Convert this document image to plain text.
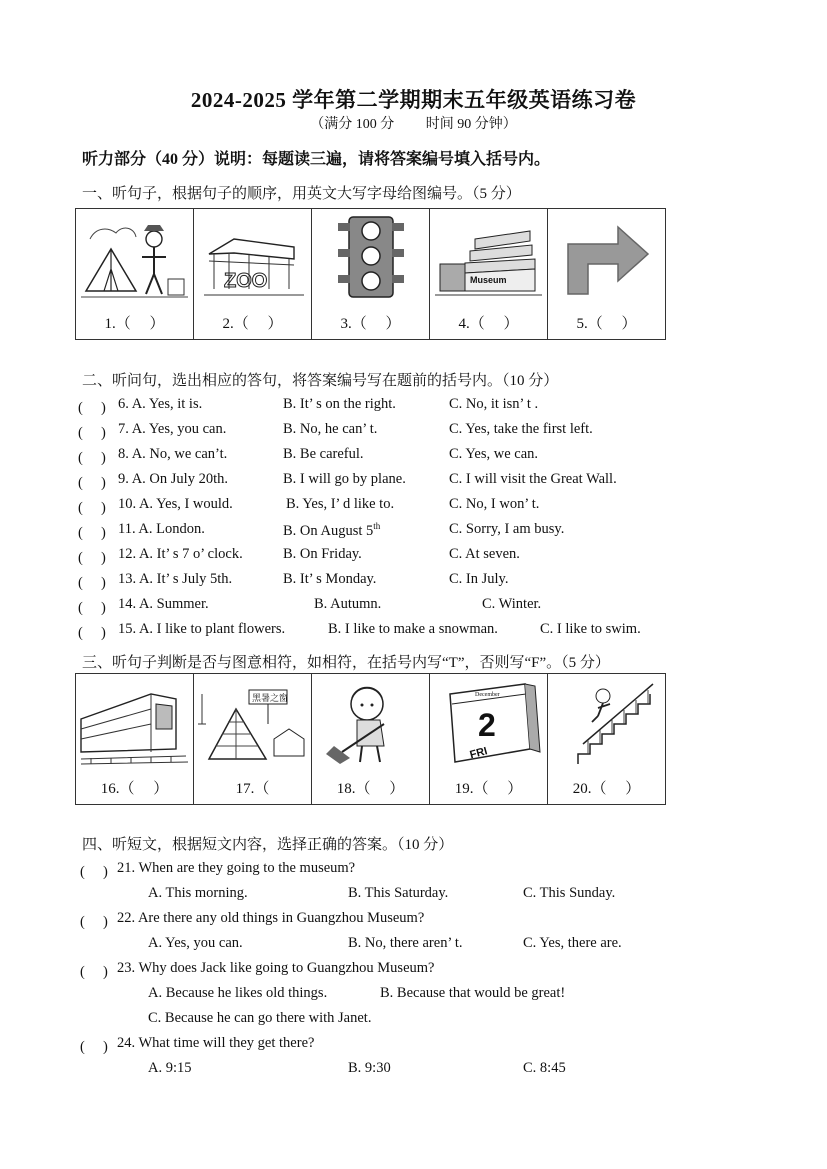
2024-2025 学年第二学期期末五年级英语练习卷
（满分 100 分　　 时间 90 分钟）
听力部分（40 分）说明：每题读三遍，请将答案编号填入括号内。
一、听句子，根据句子的顺序，用英文大写字母给图编号。（5 分）
1.（　 ）

ZOO
2.（　 ）	3.（　 ）

Museum
4.（　 ）	5.（　 ）
二、听问句，选出相应的答句，将答案编号写在题前的括号内。（10 分）
(　 ) 6. A. Yes, it is.	B. It’ s on the right.	C. No, it isn’ t .
(　 ) 7. A. Yes, you can.	B. No, he can’ t.	C. Yes, take the first left.
(　 ) 8. A. No, we can’t.	B. Be careful.	C. Yes, we can.
(　 ) 9. A. On July 20th.	B. I will go by plane.	C. I will visit the Great Wall.
(　 ) 10. A. Yes, I would.	B. Yes, I’ d like to.	C. No, I won’ t.
(　 ) 11. A. London.	B. On August 5th	C. Sorry, I am busy.
(　 ) 12. A. It’ s 7 o’ clock.	B. On Friday.	C. At seven.
(　 ) 13. A. It’ s July 5th.	B. It’ s Monday.	C. In July.
(　 ) 14. A. Summer.	B. Autumn.	C. Winter.
(　 ) 15. A. I like to plant flowers.	B. I like to make a snowman.	C. I like to swim.
三、听句子判断是否与图意相符，如相符，在括号内写“T”，否则写“F”。（5 分）
16.（　 ）

黑暑之窗
17.（	18.（　 ）

December
2
FRI
19.（　 ）	20.（　 ）
四、听短文，根据短文内容，选择正确的答案。（10 分）
(　 ) 21. When are they going to the museum?
A. This morning.	B. This Saturday.	C. This Sunday.
(　 ) 22. Are there any old things in Guangzhou Museum?
A. Yes, you can.	B. No, there aren’ t.	C. Yes, there are.
(　 ) 23. Why does Jack like going to Guangzhou Museum?
A. Because he likes old things.	B. Because that would be great!
C. Because he can go there with Janet.
(　 ) 24. What time will they get there?
A. 9:15	B. 9:30	C. 8:45
